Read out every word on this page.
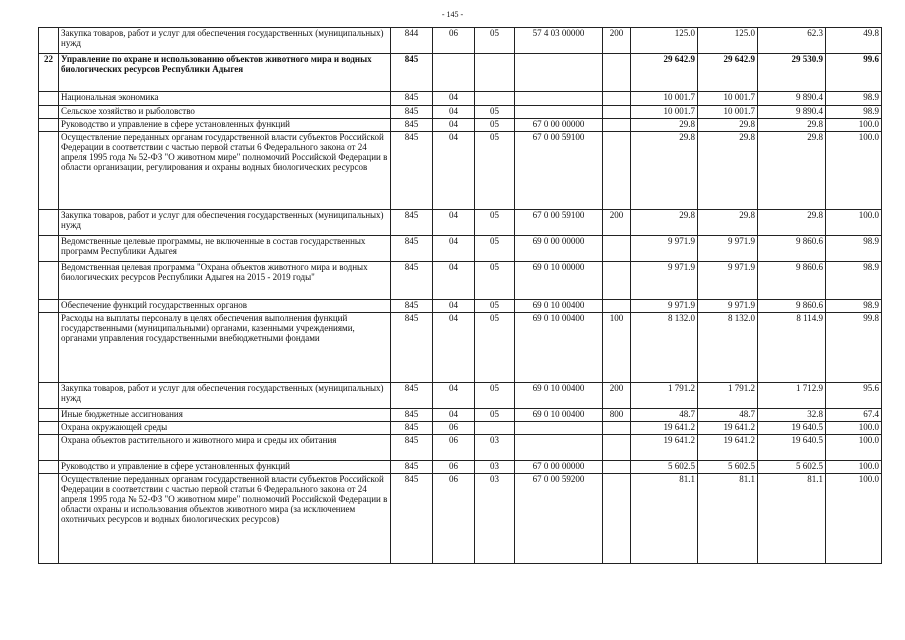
- 145 -
	Закупка товаров, работ и услуг для обеспечения государственных (муниципальных) нужд	844	06	05	57 4 03 00000	200	125.0	125.0	62.3	49.8
22	Управление по охране и использованию объектов животного мира и водных биологических ресурсов Республики Адыгея	845					29 642.9	29 642.9	29 530.9	99.6
	Национальная экономика	845	04				10 001.7	10 001.7	9 890.4	98.9
	Сельское хозяйство и рыболовство	845	04	05			10 001.7	10 001.7	9 890.4	98.9
	Руководство и управление в сфере установленных функций	845	04	05	67 0 00 00000		29.8	29.8	29.8	100.0
	Осуществление переданных органам государственной власти субъектов Российской Федерации в соответствии с частью первой статьи 6 Федерального закона от 24 апреля 1995 года № 52-ФЗ "О животном мире" полномочий Российской Федерации в области организации, регулирования и охраны водных биологических ресурсов	845	04	05	67 0 00 59100		29.8	29.8	29.8	100.0
	Закупка товаров, работ и услуг для обеспечения государственных (муниципальных) нужд	845	04	05	67 0 00 59100	200	29.8	29.8	29.8	100.0
	Ведомственные целевые программы, не включенные в состав государственных программ Республики Адыгея	845	04	05	69 0 00 00000		9 971.9	9 971.9	9 860.6	98.9
	Ведомственная целевая программа "Охрана объектов животного мира и водных биологических ресурсов Республики Адыгея на 2015 - 2019 годы"	845	04	05	69 0 10 00000		9 971.9	9 971.9	9 860.6	98.9
	Обеспечение функций государственных органов	845	04	05	69 0 10 00400		9 971.9	9 971.9	9 860.6	98.9
	Расходы на выплаты персоналу в целях обеспечения выполнения функций государственными (муниципальными) органами, казенными учреждениями, органами управления государственными внебюджетными фондами	845	04	05	69 0 10 00400	100	8 132.0	8 132.0	8 114.9	99.8
	Закупка товаров, работ и услуг для обеспечения государственных (муниципальных) нужд	845	04	05	69 0 10 00400	200	1 791.2	1 791.2	1 712.9	95.6
	Иные бюджетные ассигнования	845	04	05	69 0 10 00400	800	48.7	48.7	32.8	67.4
	Охрана окружающей среды	845	06				19 641.2	19 641.2	19 640.5	100.0
	Охрана объектов растительного и животного мира и среды их обитания	845	06	03			19 641.2	19 641.2	19 640.5	100.0
	Руководство и управление в сфере установленных функций	845	06	03	67 0 00 00000		5 602.5	5 602.5	5 602.5	100.0
	Осуществление переданных органам государственной власти субъектов Российской Федерации в соответствии с частью первой статьи 6 Федерального закона от 24 апреля 1995 года № 52-ФЗ "О животном мире" полномочий Российской Федерации в области охраны и использования объектов животного мира (за исключением охотничьих ресурсов и водных биологических ресурсов)	845	06	03	67 0 00 59200		81.1	81.1	81.1	100.0
